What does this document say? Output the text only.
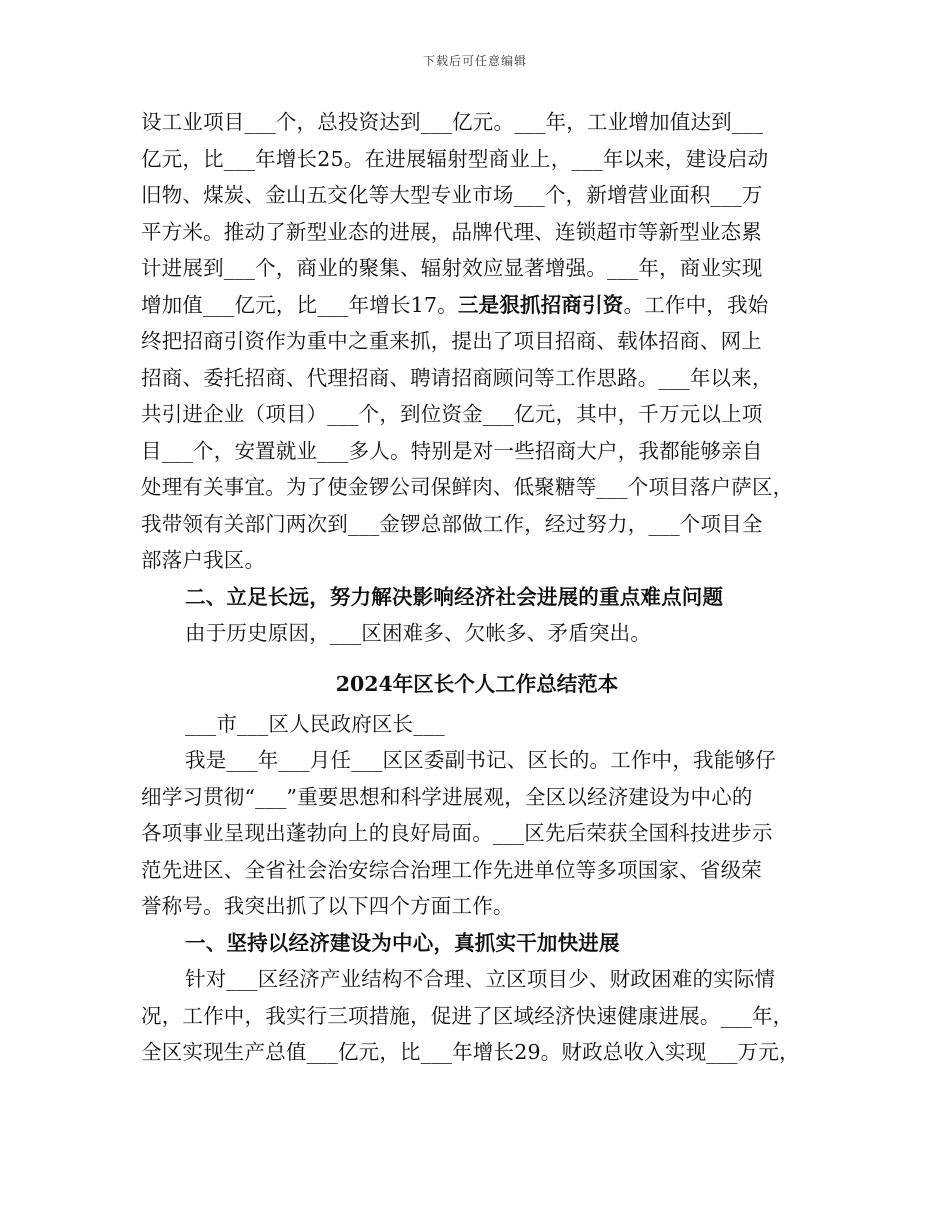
下载后可任意编辑
设工业项目___个，总投资达到___亿元。___年，工业增加值达到___
亿元，比___年增长25。在进展辐射型商业上，___年以来，建设启动
旧物、煤炭、金山五交化等大型专业市场___个，新增营业面积___万
平方米。推动了新型业态的进展，品牌代理、连锁超市等新型业态累
计进展到___个，商业的聚集、辐射效应显著增强。___年，商业实现
增加值___亿元，比___年增长17。三是狠抓招商引资。工作中，我始
终把招商引资作为重中之重来抓，提出了项目招商、载体招商、网上
招商、委托招商、代理招商、聘请招商顾问等工作思路。___年以来，
共引进企业（项目）___个，到位资金___亿元，其中，千万元以上项
目___个，安置就业___多人。特别是对一些招商大户，我都能够亲自
处理有关事宜。为了使金锣公司保鲜肉、低聚糖等___个项目落户萨区，
我带领有关部门两次到___金锣总部做工作，经过努力，___个项目全
部落户我区。
二、立足长远，努力解决影响经济社会进展的重点难点问题
由于历史原因，___区困难多、欠帐多、矛盾突出。
2024年区长个人工作总结范本
___市___区人民政府区长___
我是___年___月任___区区委副书记、区长的。工作中，我能够仔
细学习贯彻“___”重要思想和科学进展观，全区以经济建设为中心的
各项事业呈现出蓬勃向上的良好局面。___区先后荣获全国科技进步示
范先进区、全省社会治安综合治理工作先进单位等多项国家、省级荣
誉称号。我突出抓了以下四个方面工作。
一、坚持以经济建设为中心，真抓实干加快进展
针对___区经济产业结构不合理、立区项目少、财政困难的实际情
况，工作中，我实行三项措施，促进了区域经济快速健康进展。___年，
全区实现生产总值___亿元，比___年增长29。财政总收入实现___万元，
